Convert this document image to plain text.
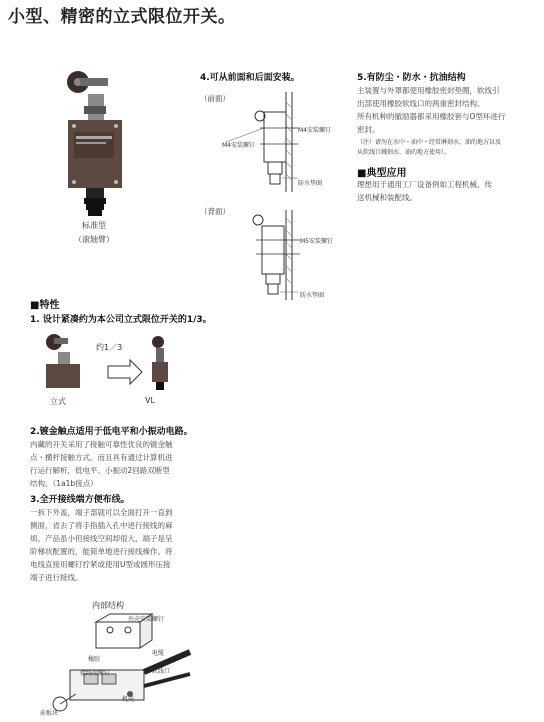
小型、精密的立式限位开关。
标准型
（滚轴臂）
4.可从前面和后面安装。
（前面）
M4安装螺钉
M4安装螺钉
防水垫圈
（背面）
M5安装螺钉
防水垫圈
5.有防尘・防水・抗油结构
主装置与外罩都使用橡胶密封垫圈，软线引
出部使用橡胶软线口的两重密封结构。
所有机种的撤励器都采用橡胶套与O型环进行
密封。
（注）请勿在水中・油中・经常淋刻水、油的地方以及
从软线口溅刻水、油的地方使用）。
■典型应用
理想用于通用工厂设备例如工程机械、传
送机械和装配线。
■特性
1. 设计紧凑约为本公司立式限位开关的1/3。
约1／3
立式	VL
2.镀金触点适用于低电平和小振动电路。
内藏的开关采用了接触可靠性优良的镀金触
点・横杆接触方式，而且具有通过计算机进
行运行解析，低电平、小振动2回路双断型
结构。（1a1b接点）
3.全开接线端方便布线。
一拆下外盖，端子部就可以全面打开一直到
侧面，省去了将手指插入孔中进行接线的麻
烦。产品虽小但接线空间却很大，端子是呈
阶梯状配置的，能简单地进行接线操作。将
电线直接用螺钉拧紧或使用U型或圆形压接
端子进行接线。
内部结构
外壳安装螺钉
橡胶
电缆
接线端螺钉	软线口
机壳
前板块
